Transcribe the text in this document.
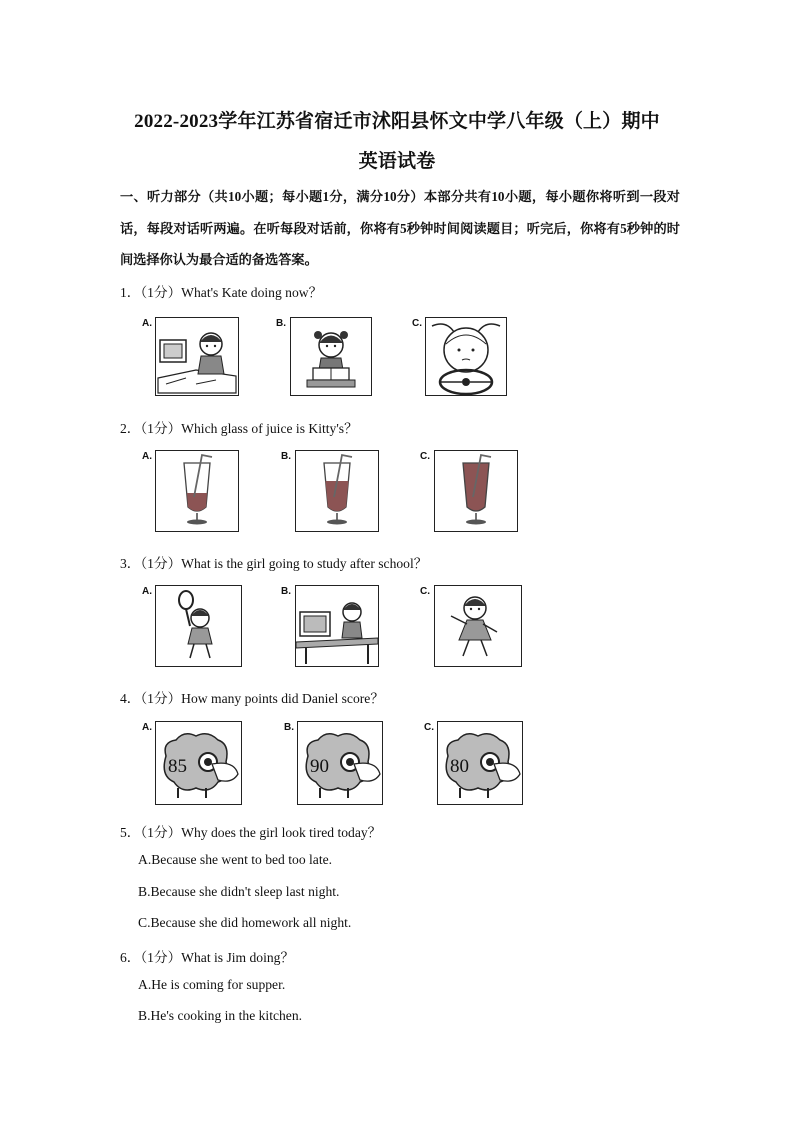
2022-2023学年江苏省宿迁市沭阳县怀文中学八年级（上）期中
英语试卷
一、听力部分（共10小题；每小题1分，满分10分）本部分共有10小题，每小题你将听到一段对话，每段对话听两遍。在听每段对话前，你将有5秒钟时间阅读题目；听完后，你将有5秒钟的时间选择你认为最合适的备选答案。
1．（1分）What's Kate doing now？
A.	B.	C.
2．（1分）Which glass of juice is Kitty's？
A.	B.	C.
3．（1分）What is the girl going to study after school？
A.	B.	C.
4．（1分）How many points did Daniel score？
A.
85
B.
90
C.
80
5．（1分）Why does the girl look tired today？
A.Because she went to bed too late.
B.Because she didn't sleep last night.
C.Because she did homework all night.
6．（1分）What is Jim doing？
A.He is coming for supper.
B.He's cooking in the kitchen.
